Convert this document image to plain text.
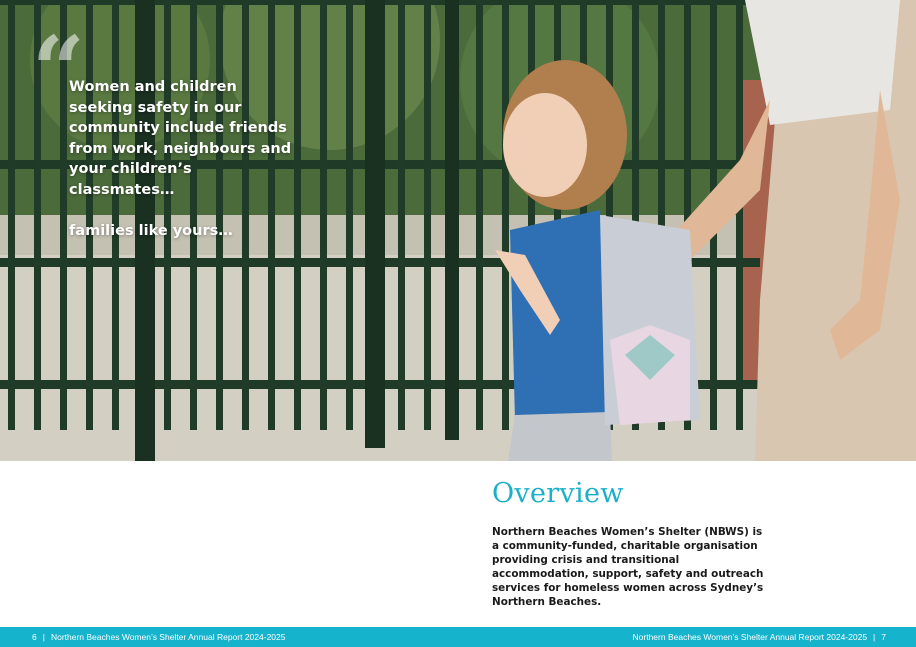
“

Women and children seeking safety in our community include friends from work, neighbours and your children’s classmates…

families like yours…

Overview
Northern Beaches Women’s Shelter (NBWS) is a community-funded, charitable organisation providing crisis and transitional accommodation, support, safety and outreach services for homeless women across Sydney’s Northern Beaches.
6 | Northern Beaches Women’s Shelter Annual Report 2024-2025	Northern Beaches Women’s Shelter Annual Report 2024-2025 | 7
